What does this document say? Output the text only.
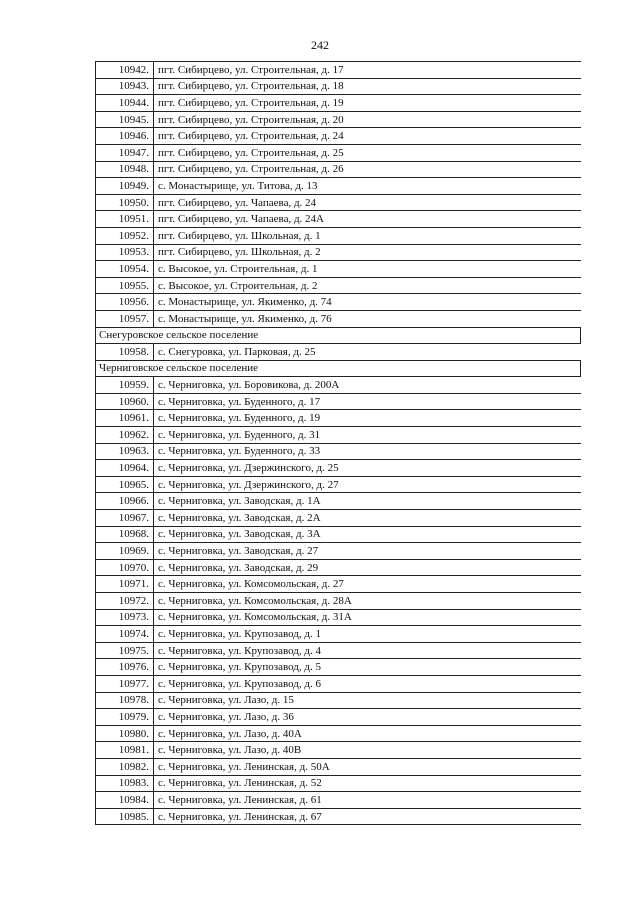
242
10942.	пгт. Сибирцево, ул. Строительная, д. 17
10943.	пгт. Сибирцево, ул. Строительная, д. 18
10944.	пгт. Сибирцево, ул. Строительная, д. 19
10945.	пгт. Сибирцево, ул. Строительная, д. 20
10946.	пгт. Сибирцево, ул. Строительная, д. 24
10947.	пгт. Сибирцево, ул. Строительная, д. 25
10948.	пгт. Сибирцево, ул. Строительная, д. 26
10949.	с. Монастырище, ул. Титова, д. 13
10950.	пгт. Сибирцево, ул. Чапаева, д. 24
10951.	пгт. Сибирцево, ул. Чапаева, д. 24А
10952.	пгт. Сибирцево, ул. Школьная, д. 1
10953.	пгт. Сибирцево, ул. Школьная, д. 2
10954.	с. Высокое, ул. Строительная, д. 1
10955.	с. Высокое, ул. Строительная, д. 2
10956.	с. Монастырище, ул. Якименко, д. 74
10957.	с. Монастырище, ул. Якименко, д. 76
Снегуровское сельское поселение	
10958.	с. Снегуровка, ул. Парковая, д. 25
Черниговское сельское поселение	
10959.	с. Черниговка, ул. Боровикова, д. 200А
10960.	с. Черниговка, ул. Буденного, д. 17
10961.	с. Черниговка, ул. Буденного, д. 19
10962.	с. Черниговка, ул. Буденного, д. 31
10963.	с. Черниговка, ул. Буденного, д. 33
10964.	с. Черниговка, ул. Дзержинского, д. 25
10965.	с. Черниговка, ул. Дзержинского, д. 27
10966.	с. Черниговка, ул. Заводская, д. 1А
10967.	с. Черниговка, ул. Заводская, д. 2А
10968.	с. Черниговка, ул. Заводская, д. 3А
10969.	с. Черниговка, ул. Заводская, д. 27
10970.	с. Черниговка, ул. Заводская, д. 29
10971.	с. Черниговка, ул. Комсомольская, д. 27
10972.	с. Черниговка, ул. Комсомольская, д. 28А
10973.	с. Черниговка, ул. Комсомольская, д. 31А
10974.	с. Черниговка, ул. Крупозавод, д. 1
10975.	с. Черниговка, ул. Крупозавод, д. 4
10976.	с. Черниговка, ул. Крупозавод, д. 5
10977.	с. Черниговка, ул. Крупозавод, д. 6
10978.	с. Черниговка, ул. Лазо, д. 15
10979.	с. Черниговка, ул. Лазо, д. 36
10980.	с. Черниговка, ул. Лазо, д. 40А
10981.	с. Черниговка, ул. Лазо, д. 40В
10982.	с. Черниговка, ул. Ленинская, д. 50А
10983.	с. Черниговка, ул. Ленинская, д. 52
10984.	с. Черниговка, ул. Ленинская, д. 61
10985.	с. Черниговка, ул. Ленинская, д. 67
